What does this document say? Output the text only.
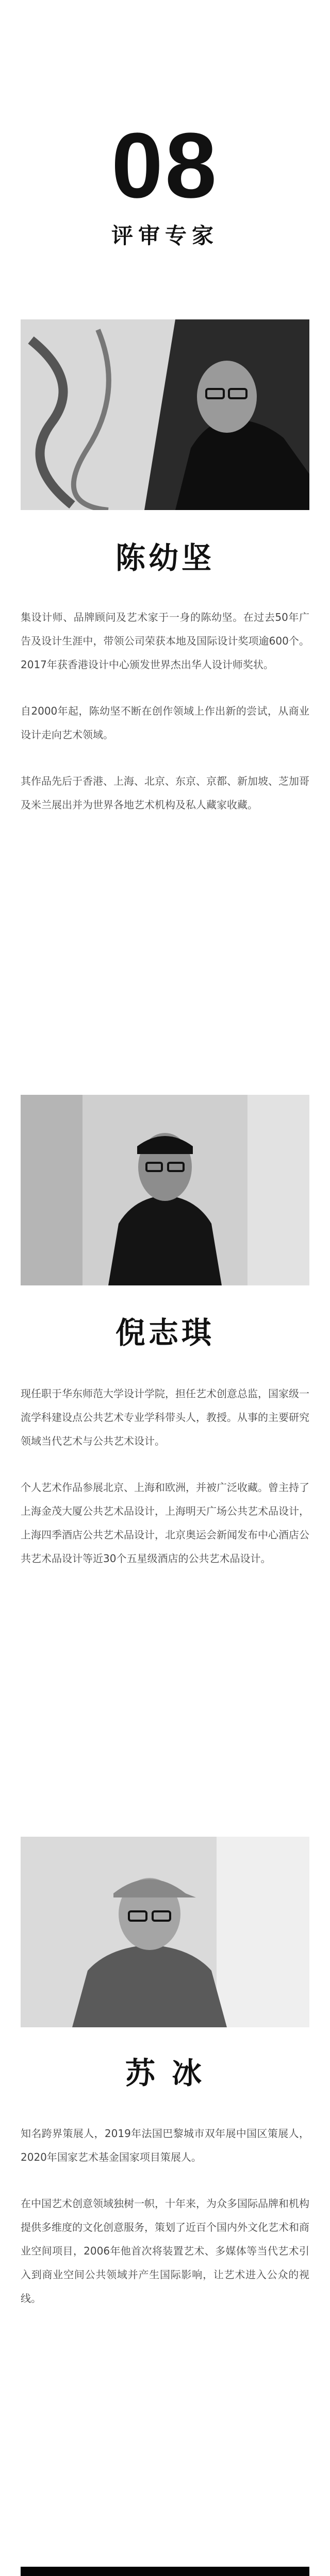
08
评审专家
陈幼坚

集设计师、品牌顾问及艺术家于一身的陈幼坚。在过去50年广告及设计生涯中，带领公司荣获本地及国际设计奖项逾600个。2017年获香港设计中心颁发世界杰出华人设计师奖状。

自2000年起，陈幼坚不断在创作领域上作出新的尝试，从商业设计走向艺术领域。

其作品先后于香港、上海、北京、东京、京都、新加坡、芝加哥及米兰展出并为世界各地艺术机构及私人藏家收藏。

倪志琪

现任职于华东师范大学设计学院，担任艺术创意总监，国家级一流学科建设点公共艺术专业学科带头人，教授。从事的主要研究领域当代艺术与公共艺术设计。

个人艺术作品参展北京、上海和欧洲，并被广泛收藏。曾主持了上海金茂大厦公共艺术品设计，上海明天广场公共艺术品设计，上海四季酒店公共艺术品设计，北京奥运会新闻发布中心酒店公共艺术品设计等近30个五星级酒店的公共艺术品设计。

苏 冰

知名跨界策展人，2019年法国巴黎城市双年展中国区策展人，2020年国家艺术基金国家项目策展人。

在中国艺术创意领域独树一帜，十年来，为众多国际品牌和机构提供多维度的文化创意服务，策划了近百个国内外文化艺术和商业空间项目，2006年他首次将装置艺术、多媒体等当代艺术引入到商业空间公共领域并产生国际影响，让艺术进入公众的视线。
